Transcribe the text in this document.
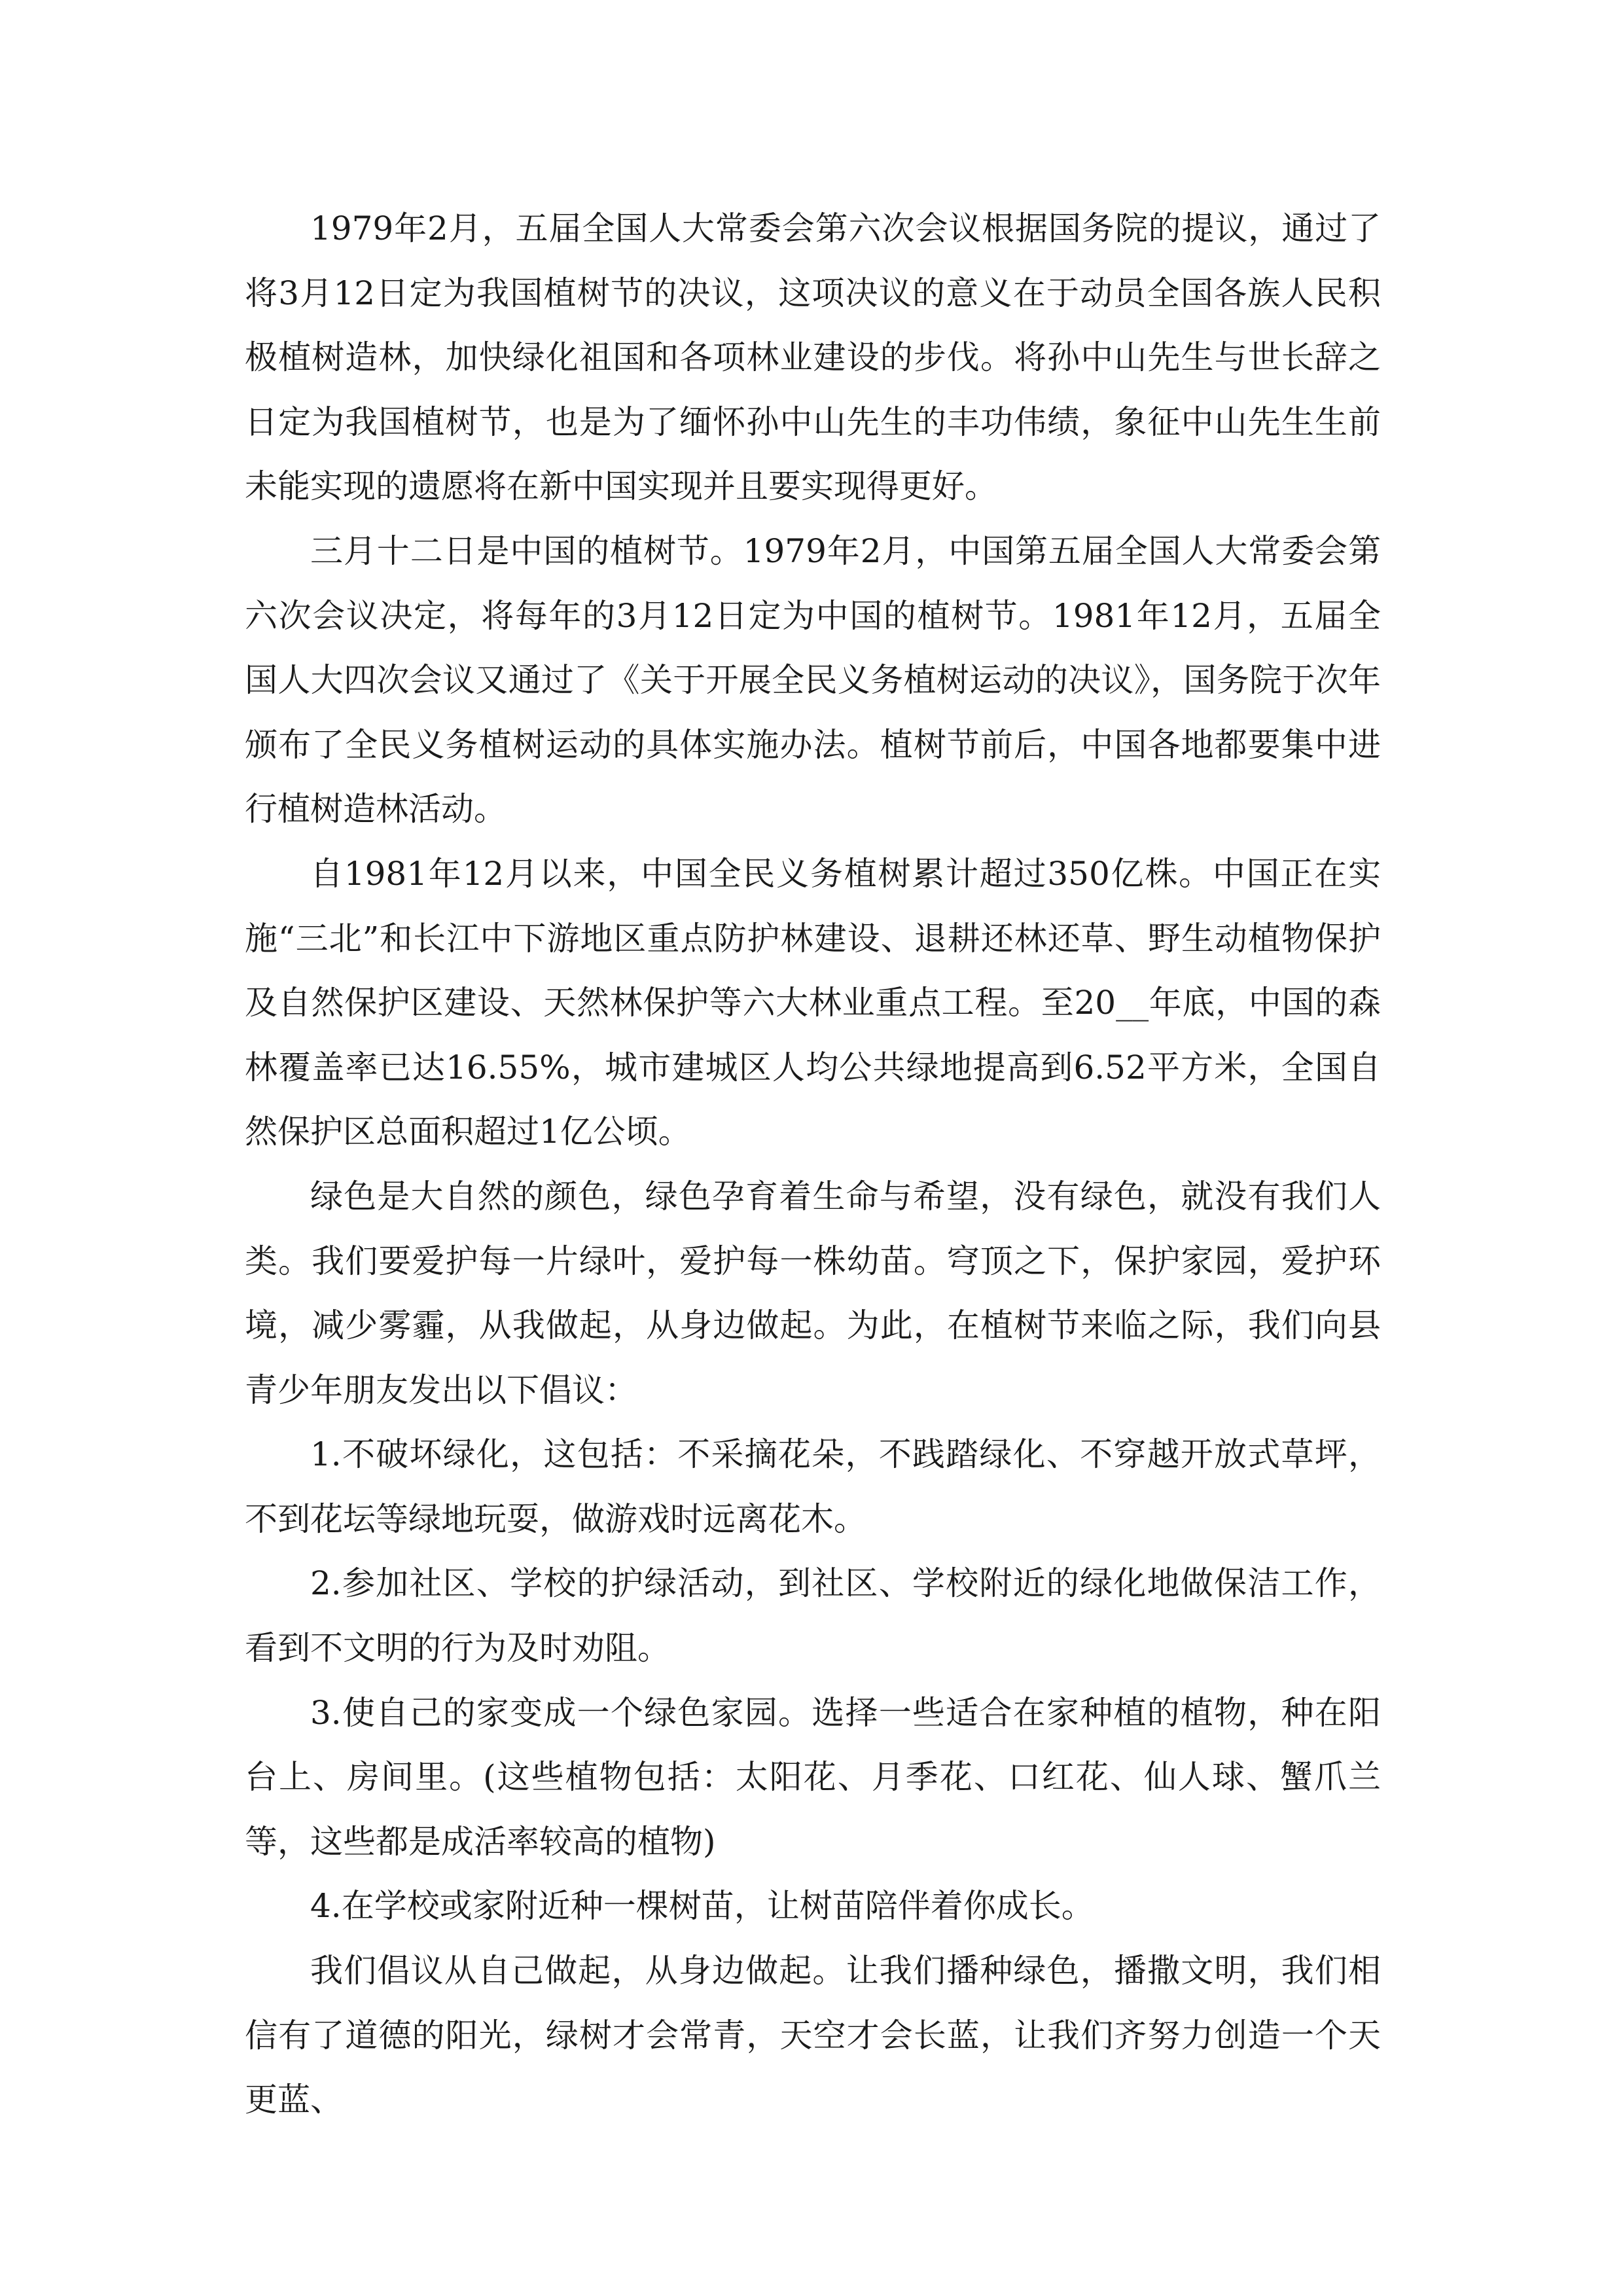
1979年2月，五届全国人大常委会第六次会议根据国务院的提议，通过了将3月12日定为我国植树节的决议，这项决议的意义在于动员全国各族人民积极植树造林，加快绿化祖国和各项林业建设的步伐。将孙中山先生与世长辞之日定为我国植树节，也是为了缅怀孙中山先生的丰功伟绩，象征中山先生生前未能实现的遗愿将在新中国实现并且要实现得更好。

三月十二日是中国的植树节。1979年2月，中国第五届全国人大常委会第六次会议决定，将每年的3月12日定为中国的植树节。1981年12月，五届全国人大四次会议又通过了《关于开展全民义务植树运动的决议》，国务院于次年颁布了全民义务植树运动的具体实施办法。植树节前后，中国各地都要集中进行植树造林活动。

自1981年12月以来，中国全民义务植树累计超过350亿株。中国正在实施“三北”和长江中下游地区重点防护林建设、退耕还林还草、野生动植物保护及自然保护区建设、天然林保护等六大林业重点工程。至20__年底，中国的森林覆盖率已达16.55%，城市建城区人均公共绿地提高到6.52平方米，全国自然保护区总面积超过1亿公顷。

绿色是大自然的颜色，绿色孕育着生命与希望，没有绿色，就没有我们人类。我们要爱护每一片绿叶，爱护每一株幼苗。穹顶之下，保护家园，爱护环境，减少雾霾，从我做起，从身边做起。为此，在植树节来临之际，我们向县青少年朋友发出以下倡议：

1.不破坏绿化，这包括：不采摘花朵，不践踏绿化、不穿越开放式草坪，不到花坛等绿地玩耍，做游戏时远离花木。

2.参加社区、学校的护绿活动，到社区、学校附近的绿化地做保洁工作，看到不文明的行为及时劝阻。

3.使自己的家变成一个绿色家园。选择一些适合在家种植的植物，种在阳台上、房间里。(这些植物包括：太阳花、月季花、口红花、仙人球、蟹爪兰等，这些都是成活率较高的植物)

4.在学校或家附近种一棵树苗，让树苗陪伴着你成长。

我们倡议从自己做起，从身边做起。让我们播种绿色，播撒文明，我们相信有了道德的阳光，绿树才会常青，天空才会长蓝，让我们齐努力创造一个天更蓝、
